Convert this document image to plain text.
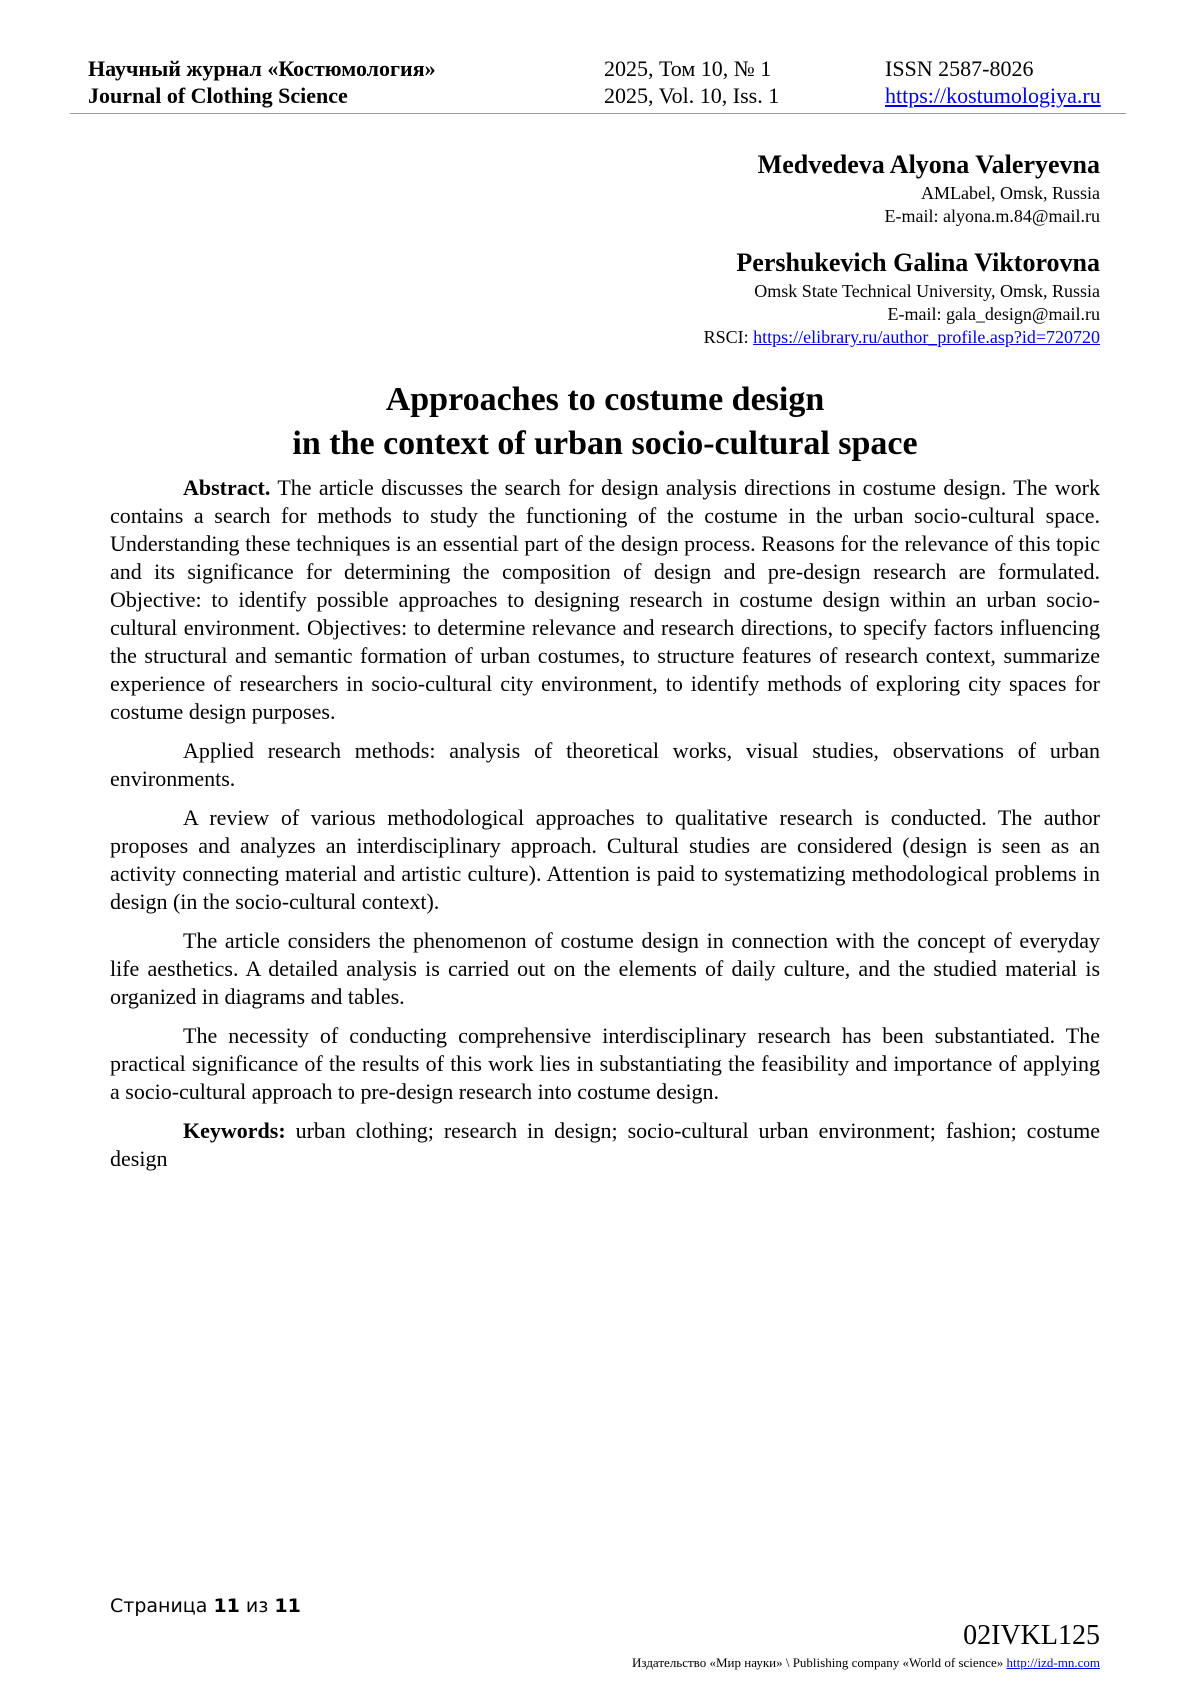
Научный журнал «Костюмология»
Journal of Clothing Science
2025, Том 10, № 1
2025, Vol. 10, Iss. 1
ISSN 2587-8026
https://kostumologiya.ru
Medvedeva Alyona Valeryevna
AMLabel, Omsk, Russia
E-mail: alyona.m.84@mail.ru
Pershukevich Galina Viktorovna
Omsk State Technical University, Omsk, Russia
E-mail: gala_design@mail.ru
RSCI: https://elibrary.ru/author_profile.asp?id=720720
Approaches to costume design
in the context of urban socio-cultural space

Abstract. The article discusses the search for design analysis directions in costume design. The work contains a search for methods to study the functioning of the costume in the urban socio-cultural space. Understanding these techniques is an essential part of the design process. Reasons for the relevance of this topic and its significance for determining the composition of design and pre-design research are formulated. Objective: to identify possible approaches to designing research in costume design within an urban socio-cultural environment. Objectives: to determine relevance and research directions, to specify factors influencing the structural and semantic formation of urban costumes, to structure features of research context, summarize experience of researchers in socio-cultural city environment, to identify methods of exploring city spaces for costume design purposes.

Applied research methods: analysis of theoretical works, visual studies, observations of urban environments.

A review of various methodological approaches to qualitative research is conducted. The author proposes and analyzes an interdisciplinary approach. Cultural studies are considered (design is seen as an activity connecting material and artistic culture). Attention is paid to systematizing methodological problems in design (in the socio-cultural context).

The article considers the phenomenon of costume design in connection with the concept of everyday life aesthetics. A detailed analysis is carried out on the elements of daily culture, and the studied material is organized in diagrams and tables.

The necessity of conducting comprehensive interdisciplinary research has been substantiated. The practical significance of the results of this work lies in substantiating the feasibility and importance of applying a socio-cultural approach to pre-design research into costume design.

Keywords: urban clothing; research in design; socio-cultural urban environment; fashion; costume design

Страница 11 из 11
02IVKL125
Издательство «Мир науки» \ Publishing company «World of science» http://izd-mn.com
